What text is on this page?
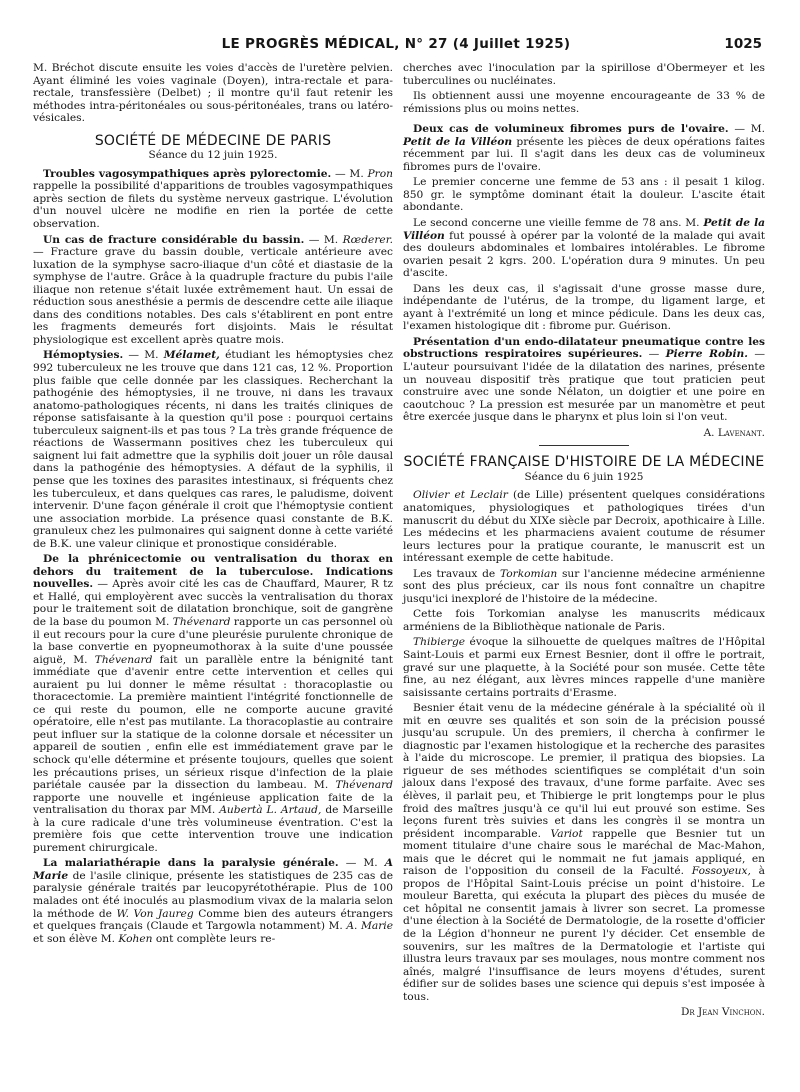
LE PROGRÈS MÉDICAL, N° 27 (4 Juillet 1925)	1025

M. Bréchot discute ensuite les voies d'accès de l'uretère pelvien. Ayant éliminé les voies vaginale (Doyen), intra-rectale et para-rectale, transfessière (Delbet) ; il montre qu'il faut retenir les méthodes intra-péritonéales ou sous-péritonéales, trans ou latéro-vésicales.

SOCIÉTÉ DE MÉDECINE DE PARIS
Séance du 12 juin 1925.

Troubles vagosympathiques après pylorectomie. — M. Pron rappelle la possibilité d'apparitions de troubles vagosympathiques après section de filets du système nerveux gastrique. L'évolution d'un nouvel ulcère ne modifie en rien la portée de cette observation.

Un cas de fracture considérable du bassin. — M. Rœderer. — Fracture grave du bassin double, verticale antérieure avec luxation de la symphyse sacro-iliaque d'un côté et diastasie de la symphyse de l'autre. Grâce à la quadruple fracture du pubis l'aile iliaque non retenue s'était luxée extrêmement haut. Un essai de réduction sous anesthésie a permis de descendre cette aile iliaque dans des conditions notables. Des cals s'établirent en pont entre les fragments demeurés fort disjoints. Mais le résultat physiologique est excellent après quatre mois.

Hémoptysies. — M. Mélamet, étudiant les hémoptysies chez 992 tuberculeux ne les trouve que dans 121 cas, 12 %. Proportion plus faible que celle donnée par les classiques. Recherchant la pathogénie des hémoptysies, il ne trouve, ni dans les travaux anatomo-pathologiques récents, ni dans les traités cliniques de réponse satisfaisante à la question qu'il pose : pourquoi certains tuberculeux saignent-ils et pas tous ? La très grande fréquence de réactions de Wassermann positives chez les tuberculeux qui saignent lui fait admettre que la syphilis doit jouer un rôle dausal dans la pathogénie des hémoptysies. A défaut de la syphilis, il pense que les toxines des parasites intestinaux, si fréquents chez les tuberculeux, et dans quelques cas rares, le paludisme, doivent intervenir. D'une façon générale il croit que l'hémoptysie contient une association morbide. La présence quasi constante de B.K. granuleux chez les pulmonaires qui saignent donne à cette variété de B.K. une valeur clinique et pronostique considérable.

De la phrénicectomie ou ventralisation du thorax en dehors du traitement de la tuberculose. Indications nouvelles. — Après avoir cité les cas de Chauffard, Maurer, R tz et Hallé, qui employèrent avec succès la ventralisation du thorax pour le traitement soit de dilatation bronchique, soit de gangrène de la base du poumon M. Thévenard rapporte un cas personnel où il eut recours pour la cure d'une pleurésie purulente chronique de la base convertie en pyopneumothorax à la suite d'une poussée aiguë, M. Thévenard fait un parallèle entre la bénignité tant immédiate que d'avenir entre cette intervention et celles qui auraient pu lui donner le même résultat : thoracoplastie ou thoracectomie. La première maintient l'intégrité fonctionnelle de ce qui reste du poumon, elle ne comporte aucune gravité opératoire, elle n'est pas mutilante. La thoracoplastie au contraire peut influer sur la statique de la colonne dorsale et nécessiter un appareil de soutien , enfin elle est immédiatement grave par le schock qu'elle détermine et présente toujours, quelles que soient les précautions prises, un sérieux risque d'infection de la plaie pariétale causée par la dissection du lambeau. M. Thévenard rapporte une nouvelle et ingénieuse application faite de la ventralisation du thorax par MM. Aubertà L. Artaud, de Marseille à la cure radicale d'une très volumineuse éventration. C'est la première fois que cette intervention trouve une indication purement chirurgicale.

La malariathérapie dans la paralysie générale. — M. A Marie de l'asile clinique, présente les statistiques de 235 cas de paralysie générale traités par leucopyrétothérapie. Plus de 100 malades ont été inoculés au plasmodium vivax de la malaria selon la méthode de W. Von Jaureg Comme bien des auteurs étrangers et quelques français (Claude et Targowla notamment) M. A. Marie et son élève M. Kohen ont complète leurs re-

cherches avec l'inoculation par la spirillose d'Obermeyer et les tuberculines ou nucléinates.

Ils obtiennent aussi une moyenne encourageante de 33 % de rémissions plus ou moins nettes.

Deux cas de volumineux fibromes purs de l'ovaire. — M. Petit de la Villéon présente les pièces de deux opérations faites récemment par lui. Il s'agit dans les deux cas de volumineux fibromes purs de l'ovaire.

Le premier concerne une femme de 53 ans : il pesait 1 kilog. 850 gr. le symptôme dominant était la douleur. L'ascite était abondante.

Le second concerne une vieille femme de 78 ans. M. Petit de la Villéon fut poussé à opérer par la volonté de la malade qui avait des douleurs abdominales et lombaires intolérables. Le fibrome ovarien pesait 2 kgrs. 200. L'opération dura 9 minutes. Un peu d'ascite.

Dans les deux cas, il s'agissait d'une grosse masse dure, indépendante de l'utérus, de la trompe, du ligament large, et ayant à l'extrémité un long et mince pédicule. Dans les deux cas, l'examen histologique dit : fibrome pur. Guérison.

Présentation d'un endo-dilatateur pneumatique contre les obstructions respiratoires supérieures. — Pierre Robin. — L'auteur poursuivant l'idée de la dilatation des narines, présente un nouveau dispositif très pratique que tout praticien peut construire avec une sonde Nélaton, un doigtier et une poire en caoutchouc ? La pression est mesurée par un manomètre et peut être exercée jusque dans le pharynx et plus loin si l'on veut.

A. Lavenant.
SOCIÉTÉ FRANÇAISE D'HISTOIRE DE LA MÉDECINE
Séance du 6 juin 1925

Olivier et Leclair (de Lille) présentent quelques considérations anatomiques, physiologiques et pathologiques tirées d'un manuscrit du début du XIXe siècle par Decroix, apothicaire à Lille. Les médecins et les pharmaciens avaient coutume de résumer leurs lectures pour la pratique courante, le manuscrit est un intéressant exemple de cette habitude.

Les travaux de Torkomian sur l'ancienne médecine arménienne sont des plus précieux, car ils nous font connaître un chapitre jusqu'ici inexploré de l'histoire de la médecine.

Cette fois Torkomian analyse les manuscrits médicaux arméniens de la Bibliothèque nationale de Paris.

Thibierge évoque la silhouette de quelques maîtres de l'Hôpital Saint-Louis et parmi eux Ernest Besnier, dont il offre le portrait, gravé sur une plaquette, à la Société pour son musée. Cette tête fine, au nez élégant, aux lèvres minces rappelle d'une manière saisissante certains portraits d'Erasme.

Besnier était venu de la médecine générale à la spécialité où il mit en œuvre ses qualités et son soin de la précision poussé jusqu'au scrupule. Un des premiers, il chercha à confirmer le diagnostic par l'examen histologique et la recherche des parasites à l'aide du microscope. Le premier, il pratiqua des biopsies. La rigueur de ses méthodes scientifiques se complétait d'un soin jaloux dans l'exposé des travaux, d'une forme parfaite. Avec ses élèves, il parlait peu, et Thibierge le prit longtemps pour le plus froid des maîtres jusqu'à ce qu'il lui eut prouvé son estime. Ses leçons furent très suivies et dans les congrès il se montra un président incomparable. Variot rappelle que Besnier tut un moment titulaire d'une chaire sous le maréchal de Mac-Mahon, mais que le décret qui le nommait ne fut jamais appliqué, en raison de l'opposition du conseil de la Faculté. Fossoyeux, à propos de l'Hôpital Saint-Louis précise un point d'histoire. Le mouleur Baretta, qui exécuta la plupart des pièces du musée de cet hôpital ne consentit jamais à livrer son secret. La promesse d'une élection à la Société de Dermatologie, de la rosette d'officier de la Légion d'honneur ne purent l'y décider. Cet ensemble de souvenirs, sur les maîtres de la Dermatologie et l'artiste qui illustra leurs travaux par ses moulages, nous montre comment nos aînés, malgré l'insuffisance de leurs moyens d'études, surent édifier sur de solides bases une science qui depuis s'est imposée à tous.

Dr Jean Vinchon.
